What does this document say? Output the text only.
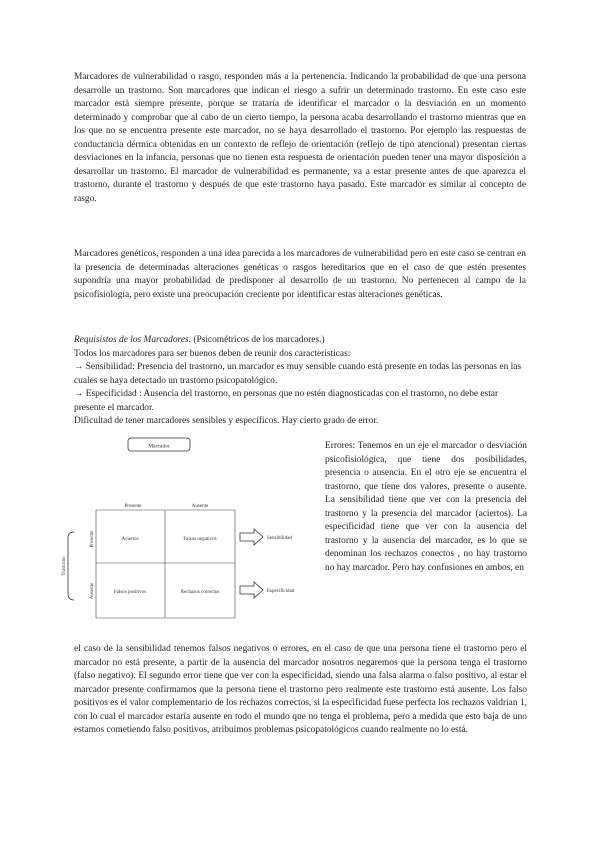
Marcadores de vulnerabilidad o rasgo, responden más a la pertenencia. Indicando la probabilidad de que una persona desarrolle un trastorno. Son marcadores que indican el riesgo a sufrir un determinado trastorno. En este caso este marcador está siempre presente, porque se trataría de identificar el marcador o la desviación en un momento determinado y comprobar que al cabo de un cierto tiempo, la persona acaba desarrollando el trastorno mientras que en los que no se encuentra presente este marcador, no se haya desarrollado el trastorno. Por ejemplo las respuestas de conductancia dérmica obtenidas en un contexto de reflejo de orientación (reflejo de tipo atencional) presentan ciertas desviaciones en la infancia, personas que no tienen esta respuesta de orientación pueden tener una mayor disposición a desarrollar un trastorno. El marcador de vulnerabilidad es permanente, va a estar presente antes de que aparezca el trastorno, durante el trastorno y después de que este trastorno haya pasado. Este marcador es similar al concepto de rasgo.

Marcadores genéticos, responden a una idea parecida a los marcadores de vulnerabilidad pero en este caso se centran en la presencia de determinadas alteraciones genéticas o rasgos hereditarios que en el caso de que estén presentes supondría una mayor probabilidad de predisponer al desarrollo de un trastorno. No pertenecen al campo de la psicofisiología, pero existe una preocupación creciente por identificar estas alteraciones genéticas.

Requisistos de los Marcadores. (Psicométricos de los marcadores.)
Todos los marcadores para ser buenos deben de reunir dos características:
→ Sensibilidad: Presencia del trastorno, un marcador es muy sensible cuando está presente en todas las personas en las cuales se haya detectado un trastorno psicopatológico.
→ Especificidad : Ausencia del trastorno, en personas que no estén diagnosticadas con el trastorno, no debe estar presente el marcador.
Dificultad de tener marcadores sensibles y específicos. Hay cierto grado de error.
Marcador
Presente	Ausente
Trastorno
Presente
Ausente
Aciertos	Falsos negativos
Falsos positivos	Rechazos correctos
Sensibilidad
Especificidad

Errores: Tenemos en un eje el marcador o desviación psicofisiológica, que tiene dos posibilidades, presencia o ausencia. En el otro eje se encuentra el trastorno, que tiene dos valores, presente o ausente. La sensibilidad tiene que ver con la presencia del trastorno y la presencia del marcador (aciertos). La especificidad tiene que ver con la ausencia del trastorno y la ausencia del marcador, es lo que se denominan los rechazos conectos , no hay trastorno no hay marcador. Pero hay confusiones en ambos, en

el caso de la sensibilidad tenemos falsos negativos o errores, en el caso de que una persona tiene el trastorno pero el marcador no está presente, a partir de la ausencia del marcador nosotros negaremos que la persona tenga el trastorno (falso negativo). El segundo error tiene que ver con la especificidad, siendo una falsa alarma o falso positivo, al estar el marcador presente confirmamos que la persona tiene el trastorno pero realmente este trastorno está ausente. Los falso positivos es el valor complementario de los rechazos correctos, si la especificidad fuese perfecta los rechazos valdrían 1, con lo cual el marcador estaría ausente en todo el mundo que no tenga el problema, pero a medida que esto baja de uno estamos cometiendo falso positivos, atribuimos problemas psicopatológicos cuando realmente no lo está.
